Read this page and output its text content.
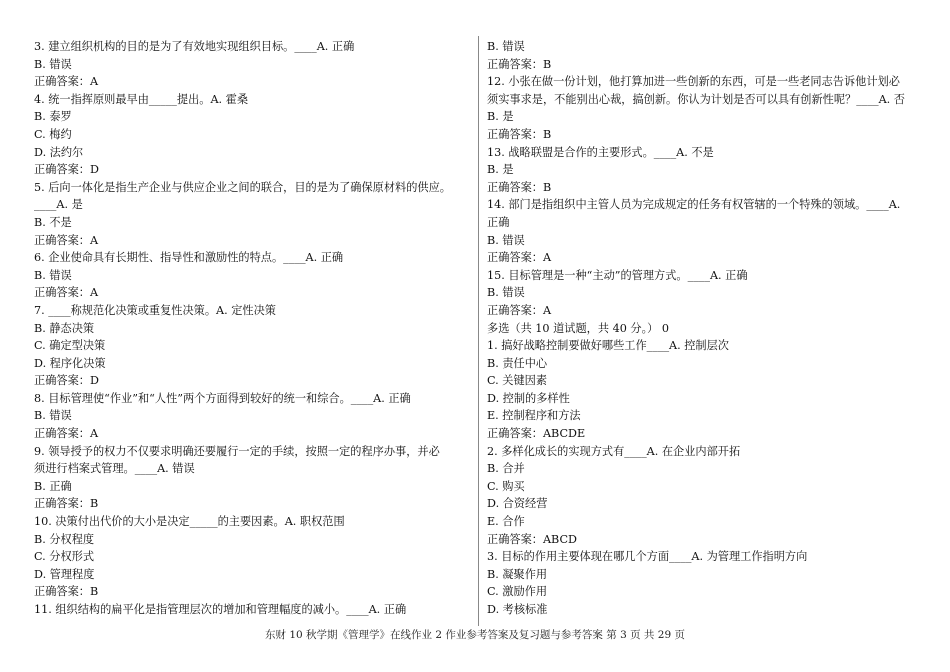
3. 建立组织机构的目的是为了有效地实现组织目标。____A. 正确
B. 错误
正确答案：A
4. 统一指挥原则最早由_____提出。A. 霍桑
B. 泰罗
C. 梅约
D. 法约尔
正确答案：D
5. 后向一体化是指生产企业与供应企业之间的联合，目的是为了确保原材料的供应。
____A. 是
B. 不是
正确答案：A
6. 企业使命具有长期性、指导性和激励性的特点。____A. 正确
B. 错误
正确答案：A
7. ____称规范化决策或重复性决策。A. 定性决策
B. 静态决策
C. 确定型决策
D. 程序化决策
正确答案：D
8. 目标管理使“作业”和“人性”两个方面得到较好的统一和综合。____A. 正确
B. 错误
正确答案：A
9. 领导授予的权力不仅要求明确还要履行一定的手续，按照一定的程序办事，并必
须进行档案式管理。____A. 错误
B. 正确
正确答案：B
10. 决策付出代价的大小是决定_____的主要因素。A. 职权范围
B. 分权程度
C. 分权形式
D. 管理程度
正确答案：B
11. 组织结构的扁平化是指管理层次的增加和管理幅度的减小。____A. 正确
B. 错误
正确答案：B
12. 小张在做一份计划，他打算加进一些创新的东西，可是一些老同志告诉他计划必
须实事求是，不能别出心裁，搞创新。你认为计划是否可以具有创新性呢？____A. 否
B. 是
正确答案：B
13. 战略联盟是合作的主要形式。____A. 不是
B. 是
正确答案：B
14. 部门是指组织中主管人员为完成规定的任务有权管辖的一个特殊的领域。____A.
正确
B. 错误
正确答案：A
15. 目标管理是一种“主动”的管理方式。____A. 正确
B. 错误
正确答案：A
多选（共 10 道试题，共 40 分。） 0
1. 搞好战略控制要做好哪些工作____A. 控制层次
B. 责任中心
C. 关键因素
D. 控制的多样性
E. 控制程序和方法
正确答案：ABCDE
2. 多样化成长的实现方式有____A. 在企业内部开拓
B. 合并
C. 购买
D. 合资经营
E. 合作
正确答案：ABCD
3. 目标的作用主要体现在哪几个方面____A. 为管理工作指明方向
B. 凝聚作用
C. 激励作用
D. 考核标准
东财 10 秋学期《管理学》在线作业 2 作业参考答案及复习题与参考答案 第 3 页 共 29 页
